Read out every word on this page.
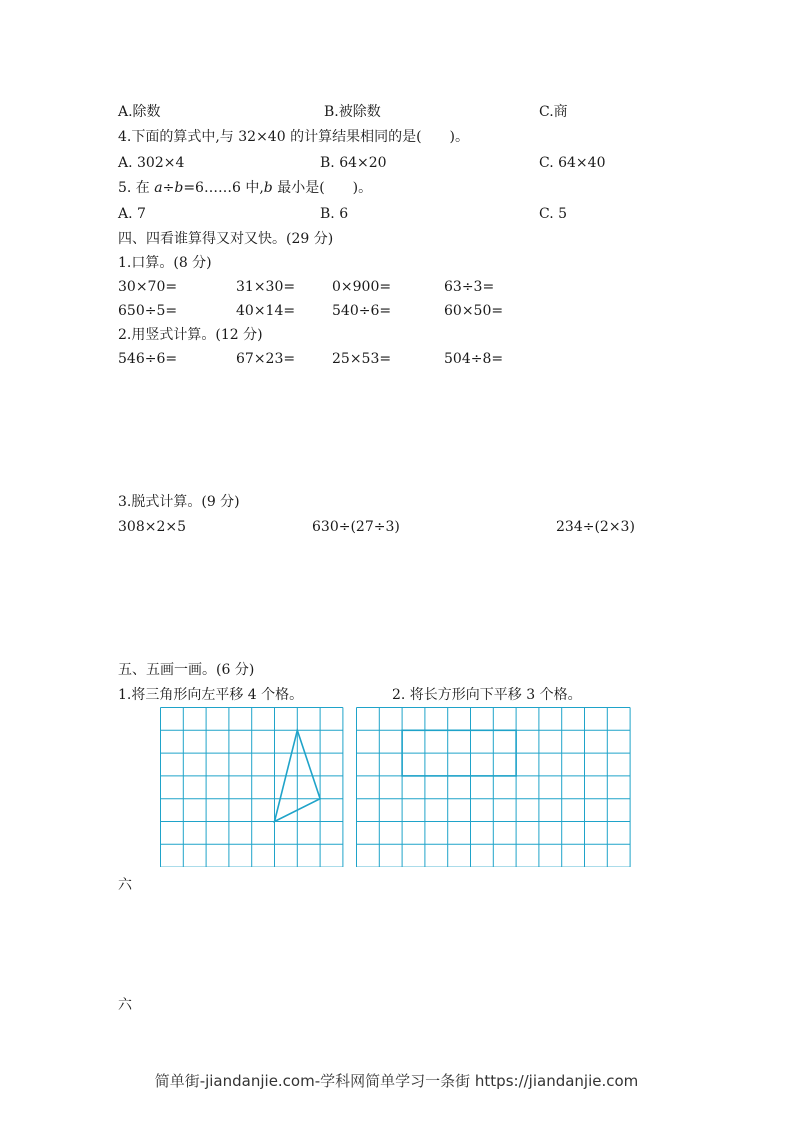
A.除数	B.被除数	C.商
4.下面的算式中,与 32×40 的计算结果相同的是(　　)。
A. 302×4	B. 64×20	C. 64×40
5. 在 a÷b=6……6 中,b 最小是(　　)。
A. 7	B. 6	C. 5
四、四看谁算得又对又快。(29 分)
1.口算。(8 分)
30×70=	31×30=	0×900=	63÷3=
650÷5=	40×14=	540÷6=	60×50=
2.用竖式计算。(12 分)
546÷6=	67×23=	25×53=	504÷8=
3.脱式计算。(9 分)
308×2×5	630÷(27÷3)	234÷(2×3)
五、五画一画。(6 分)
1.将三角形向左平移 4 个格。	2. 将长方形向下平移 3 个格。
六
六
简单街-jiandanjie.com-学科网简单学习一条街 https://jiandanjie.com
